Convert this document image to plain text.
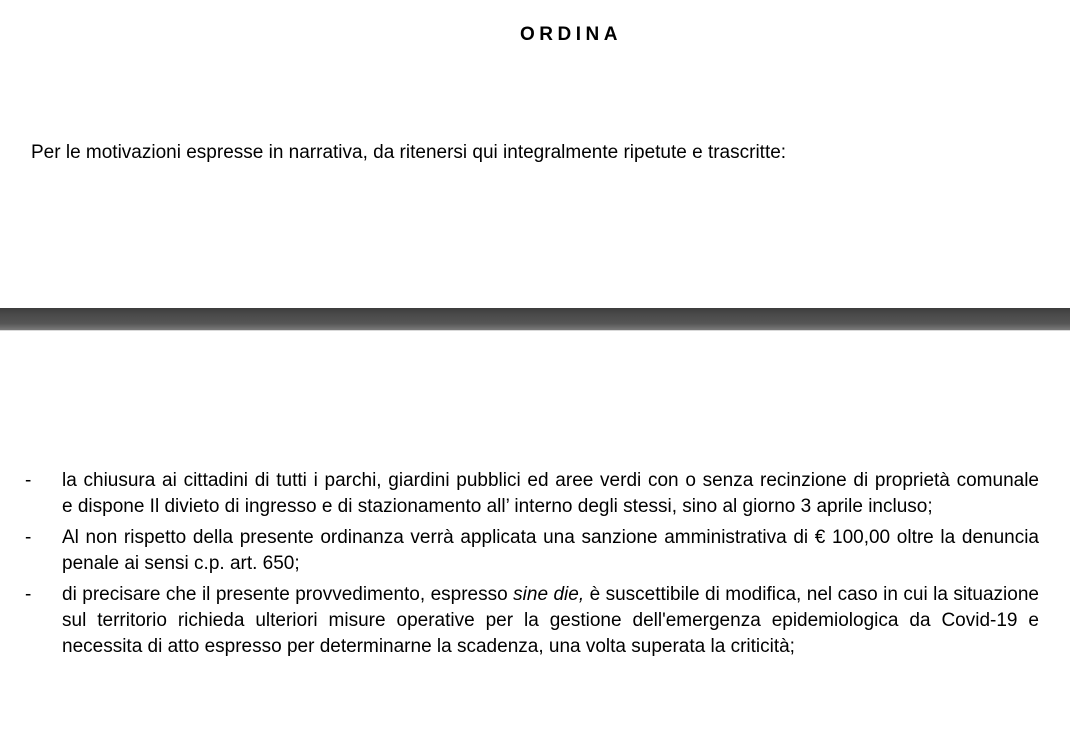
ORDINA
Per le motivazioni espresse in narrativa, da ritenersi qui integralmente ripetute e trascritte:
- la chiusura ai cittadini di tutti i parchi, giardini pubblici ed aree verdi con o senza recinzione di proprietà comunale    e dispone Il divieto di ingresso e di stazionamento all’ interno degli stessi, sino al giorno 3 aprile incluso;
- Al non rispetto della presente ordinanza verrà applicata una sanzione amministrativa di € 100,00 oltre la denuncia penale ai sensi c.p. art. 650;
- di precisare che il presente provvedimento, espresso sine die, è suscettibile di modifica, nel caso in cui la situazione sul territorio richieda ulteriori misure operative per la gestione dell'emergenza epidemiologica da Covid-19 e necessita di atto espresso per determinarne la scadenza, una volta superata la criticità;
